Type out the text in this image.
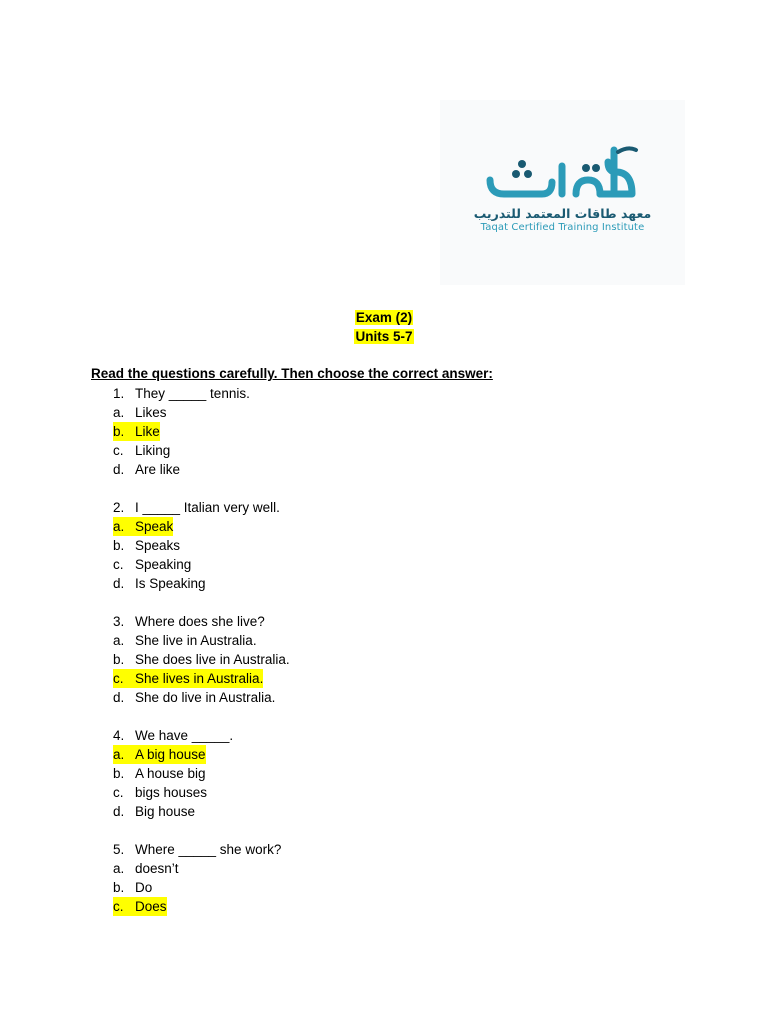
معهد طاقات المعتمد للتدريب
Taqat Certified Training Institute
Exam (2)
Units 5-7
Read the questions carefully. Then choose the correct answer:
1. They _____ tennis.
a. Likes
b. Like
c. Liking
d. Are like
2. I _____ Italian very well.
a. Speak
b. Speaks
c. Speaking
d. Is Speaking
3. Where does she live?
a. She live in Australia.
b. She does live in Australia.
c. She lives in Australia.
d. She do live in Australia.
4. We have _____.
a. A big house
b. A house big
c. bigs houses
d. Big house
5. Where _____ she work?
a. doesn’t
b. Do
c. Does
